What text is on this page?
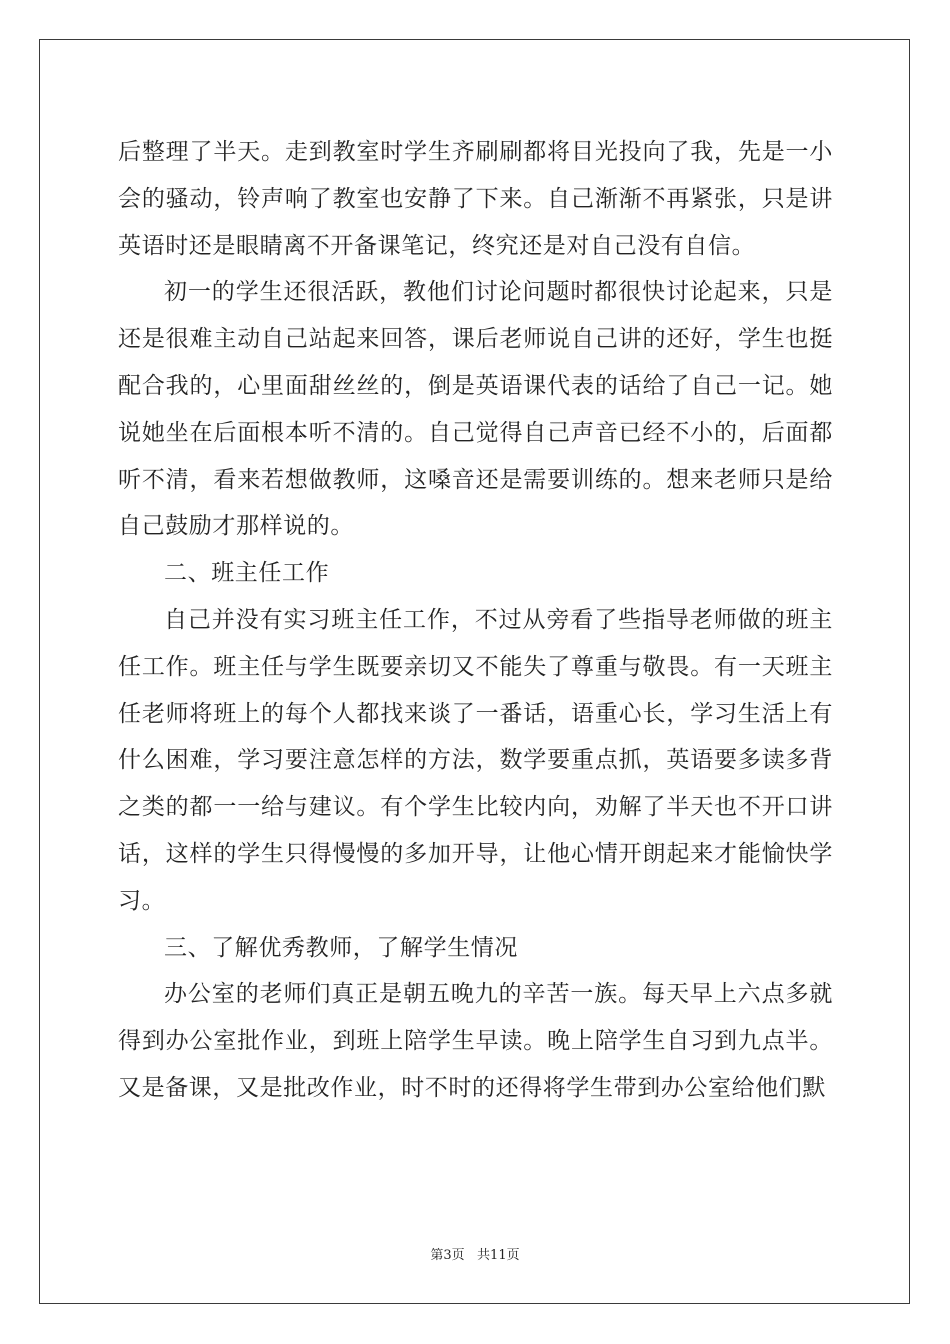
后整理了半天。走到教室时学生齐刷刷都将目光投向了我，先是一小会的骚动，铃声响了教室也安静了下来。自己渐渐不再紧张，只是讲英语时还是眼睛离不开备课笔记，终究还是对自己没有自信。

初一的学生还很活跃，教他们讨论问题时都很快讨论起来，只是还是很难主动自己站起来回答，课后老师说自己讲的还好，学生也挺配合我的，心里面甜丝丝的，倒是英语课代表的话给了自己一记。她说她坐在后面根本听不清的。自己觉得自己声音已经不小的，后面都听不清，看来若想做教师，这嗓音还是需要训练的。想来老师只是给自己鼓励才那样说的。

二、班主任工作

自己并没有实习班主任工作，不过从旁看了些指导老师做的班主任工作。班主任与学生既要亲切又不能失了尊重与敬畏。有一天班主任老师将班上的每个人都找来谈了一番话，语重心长，学习生活上有什么困难，学习要注意怎样的方法，数学要重点抓，英语要多读多背之类的都一一给与建议。有个学生比较内向，劝解了半天也不开口讲话，这样的学生只得慢慢的多加开导，让他心情开朗起来才能愉快学习。

三、了解优秀教师，了解学生情况

办公室的老师们真正是朝五晚九的辛苦一族。每天早上六点多就得到办公室批作业，到班上陪学生早读。晚上陪学生自习到九点半。又是备课，又是批改作业，时不时的还得将学生带到办公室给他们默

第3页   共11页
